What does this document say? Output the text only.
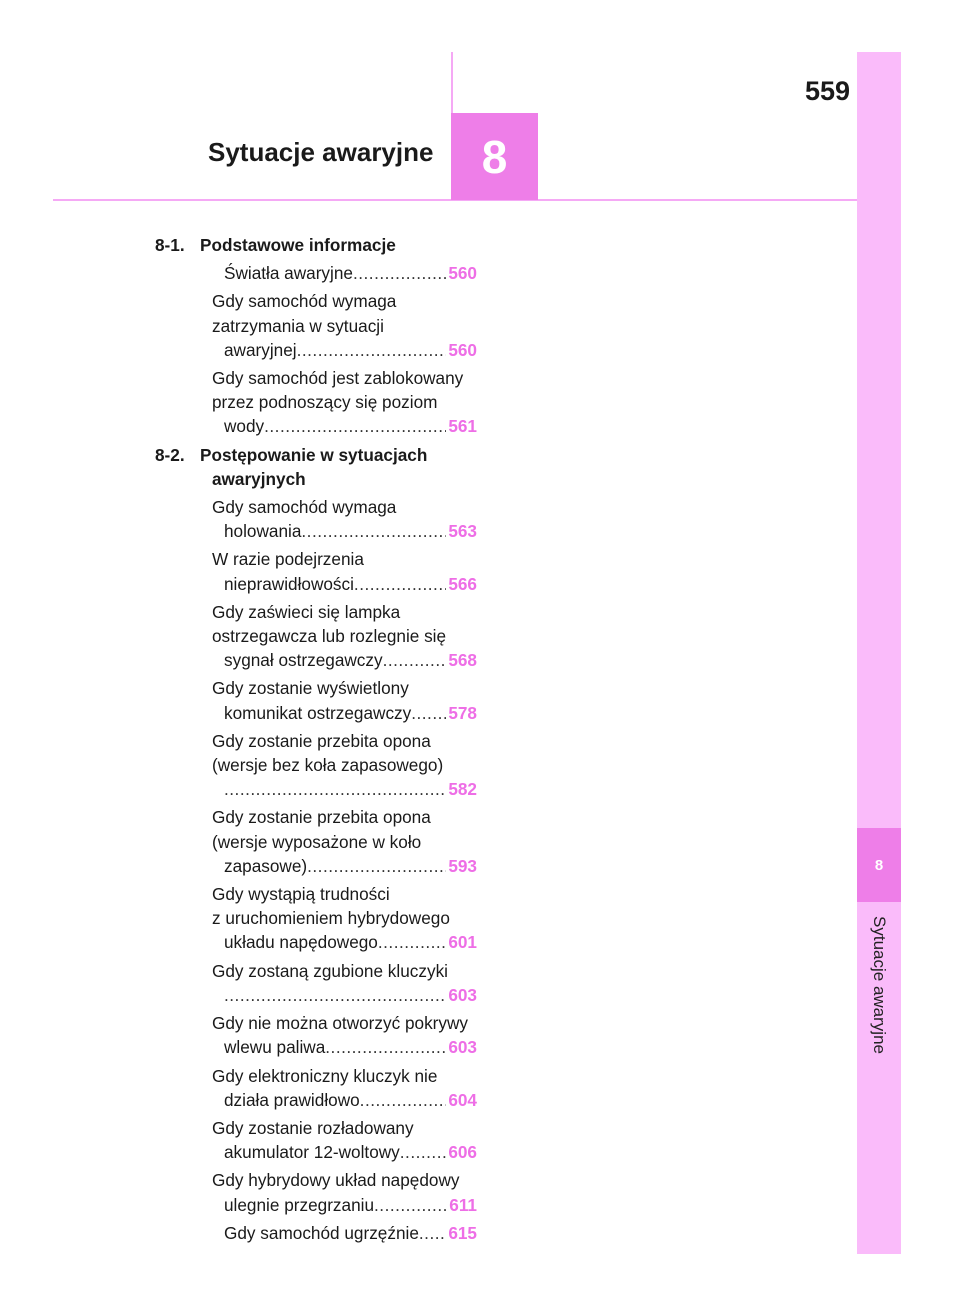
8
Sytuacje awaryjne
559
Sytuacje awaryjne	8
8-1. Podstawowe informacje
Światła awaryjne .....	560
Gdy samochód wymaga
zatrzymania w sytuacji
awaryjnej .....	560
Gdy samochód jest zablokowany
przez podnoszący się poziom
wody .....	561
8-2. Postępowanie w sytuacjach awaryjnych
Gdy samochód wymaga
holowania .....	563
W razie podejrzenia
nieprawidłowości .....	566
Gdy zaświeci się lampka
ostrzegawcza lub rozlegnie się
sygnał ostrzegawczy .....	568
Gdy zostanie wyświetlony
komunikat ostrzegawczy ..... 578
Gdy zostanie przebita opona
(wersje bez koła zapasowego)
.....
582
Gdy zostanie przebita opona
(wersje wyposażone w koło
zapasowe) .....	593
Gdy wystąpią trudności
z uruchomieniem hybrydowego
układu napędowego .....	601
Gdy zostaną zgubione kluczyki
.....
603
Gdy nie można otworzyć pokrywy
wlewu paliwa .....	603
Gdy elektroniczny kluczyk nie
działa prawidłowo .....	604
Gdy zostanie rozładowany
akumulator 12-woltowy .....	606
Gdy hybrydowy układ napędowy
ulegnie przegrzaniu .....	611
Gdy samochód ugrzęźnie ..... 615
